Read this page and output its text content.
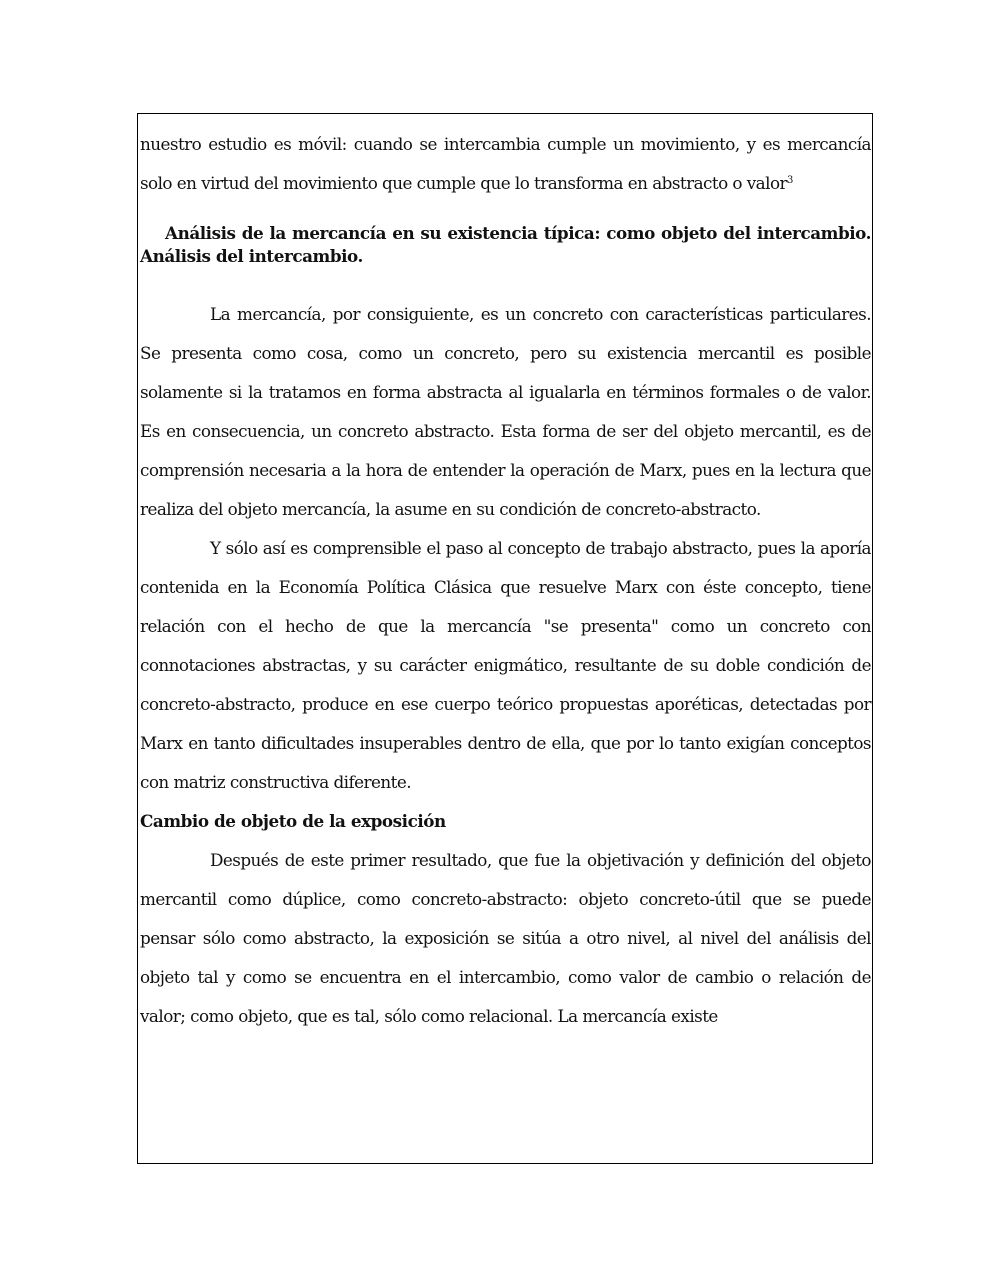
nuestro estudio es móvil: cuando se intercambia cumple un movimiento, y es mercancía solo en virtud del movimiento que cumple que lo transforma en abstracto o valor$^3$

Análisis de la mercancía en su existencia típica: como objeto del intercambio. Análisis del intercambio.

La mercancía, por consiguiente, es un concreto con características particulares. Se presenta como cosa, como un concreto, pero su existencia mercantil es posible solamente si la tratamos en forma abstracta al igualarla en términos formales o de valor. Es en consecuencia, un concreto abstracto. Esta forma de ser del objeto mercantil, es de comprensión necesaria a la hora de entender la operación de Marx, pues en la lectura que realiza del objeto mercancía, la asume en su condición de concreto-abstracto.

Y sólo así es comprensible el paso al concepto de trabajo abstracto, pues la aporía contenida en la Economía Política Clásica que resuelve Marx con éste concepto, tiene relación con el hecho de que la mercancía "se presenta" como un concreto con connotaciones abstractas, y su carácter enigmático, resultante de su doble condición de concreto-abstracto, produce en ese cuerpo teórico propuestas aporéticas, detectadas por Marx en tanto dificultades insuperables dentro de ella, que por lo tanto exigían conceptos con matriz constructiva diferente.

Cambio de objeto de la exposición

Después de este primer resultado, que fue la objetivación y definición del objeto mercantil como dúplice, como concreto-abstracto: objeto concreto-útil que se puede pensar sólo como abstracto, la exposición se sitúa a otro nivel, al nivel del análisis del objeto tal y como se encuentra en el intercambio, como valor de cambio o relación de valor; como objeto, que es tal, sólo como relacional. La mercancía existe
